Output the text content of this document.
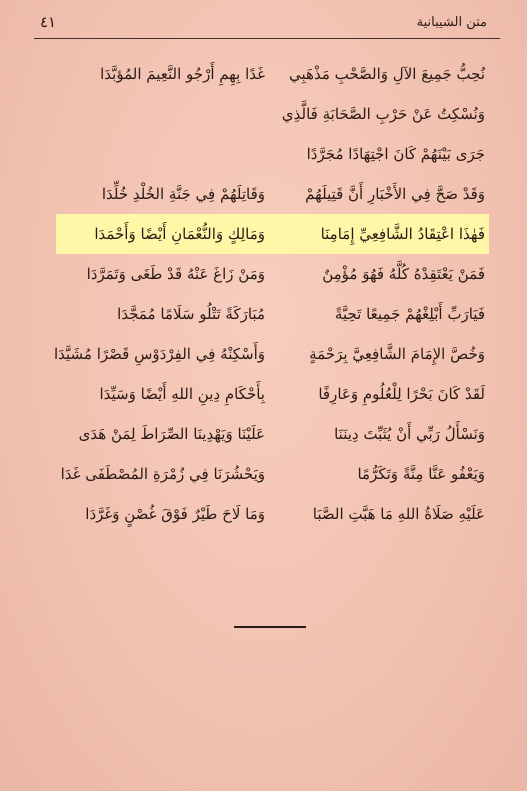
٤١	متن الشيبانية
نُحِبُّ جَمِيعَ الآلِ وَالصَّحْبِ مَذْهَبِي
غَدًا بِهِمِ أَرْجُو النَّعِيمَ المُؤبَّدَا
وَنُسْكِتُ عَنْ حَرْبِ الصَّحَابَةِ فَالَّذِي
جَرَى بَيْنَهُمْ كَانَ اجْتِهَادًا مُجَرَّدًا
وَقَدْ صَحَّ فِي الأَخْبَارِ أَنَّ قَتِيلَهُمْ
وَقَاتِلَهُمْ فِي جَنَّةِ الخُلْدِ خُلِّدَا
فَهٰذَا اعْتِقَادُ الشَّافِعِيِّ إِمَامِنَا
وَمَالِكٍ وَالنُّعْمَانِ أَيْضًا وَأَحْمَدَا
فَمَنْ يَعْتَقِدْهُ كُلَّهُ فَهُوَ مُؤْمِنٌ
وَمَنْ زَاغَ عَنْهُ قَدْ طَغَى وَتَمَرَّدَا
فَيَارَبِّ أَبْلِغْهُمْ جَمِيعًا تَحِيَّةً
مُبَارَكَةً تَتْلُو سَلَامًا مُمَجَّدَا
وَخُصَّ الإِمَامَ الشَّافِعِيَّ بِرَحْمَةٍ
وَأَسْكِنْهُ فِي الفِرْدَوْسِ قَصْرًا مُشَيَّدَا
لَقَدْ كَانَ بَحْرًا لِلْعُلُومِ وَعَارِفًا
بِأَحْكَامِ دِينِ اللهِ أَيْضًا وَسَيِّدَا
وَنَسْأَلُ رَبِّي أَنْ يُثَبِّتَ دِينَنَا
عَلَيْنَا وَيَهْدِينَا الصِّرَاطَ لِمَنْ هَدَى
وَيَعْفُو عَنَّا مِنَّةً وَتَكَرُّمًا
وَيَحْشُرَنَا فِي زُمْرَةِ المُصْطَفَى غَدَا
عَلَيْهِ صَلَاةُ اللهِ مَا هَبَّتِ الصَّبَا
وَمَا لَاحَ طَيْرٌ فَوْقَ غُصْنٍ وَغَرَّدَا
